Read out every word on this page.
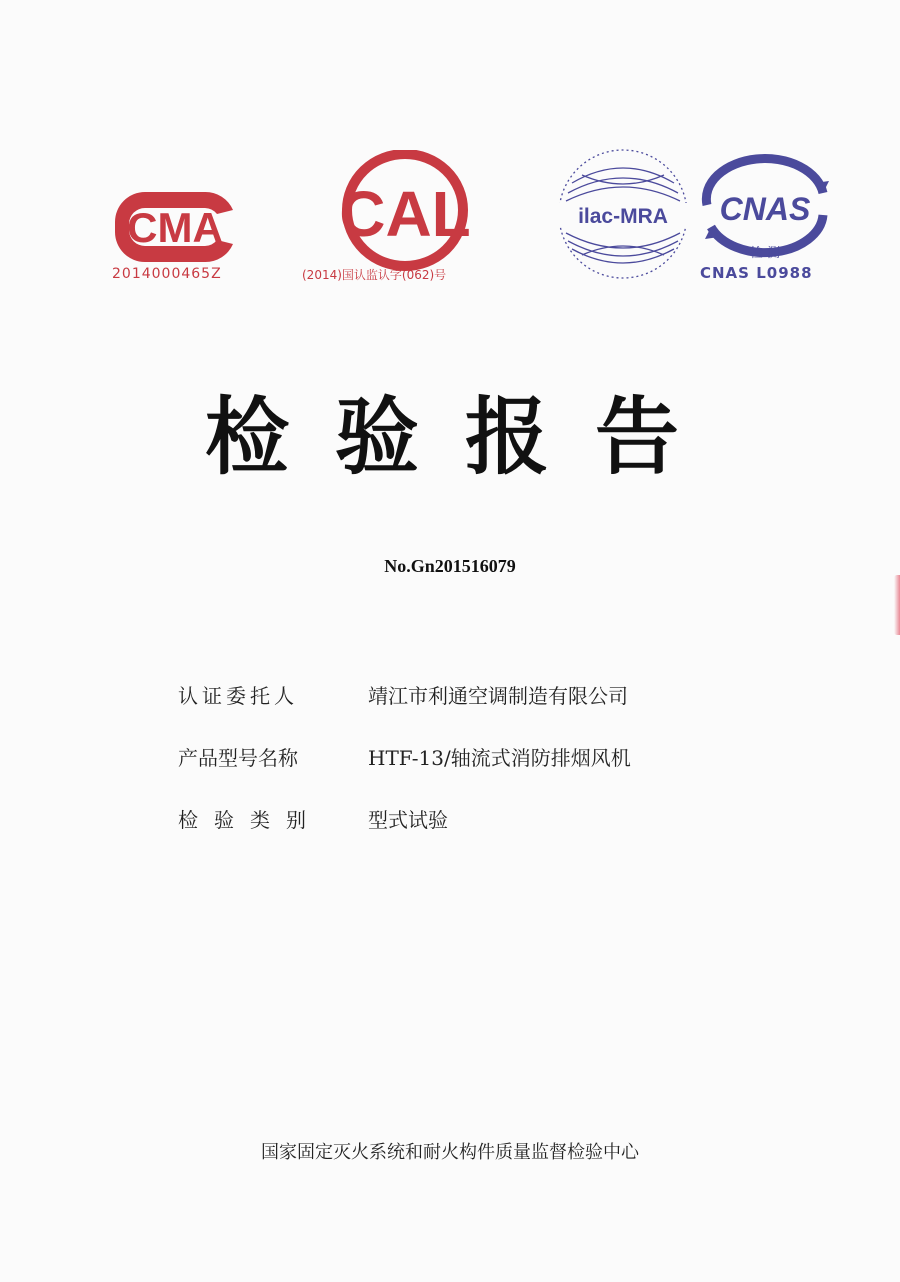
CMA
2014000465Z
CAL
(2014)国认监认字(062)号
ilac-MRA CNAS
检 测
CNAS L0988
检验报告
No.Gn201516079
认证委托人	靖江市利通空调制造有限公司
产品型号名称	HTF-13/轴流式消防排烟风机
检验类别	型式试验
国家固定灭火系统和耐火构件质量监督检验中心
